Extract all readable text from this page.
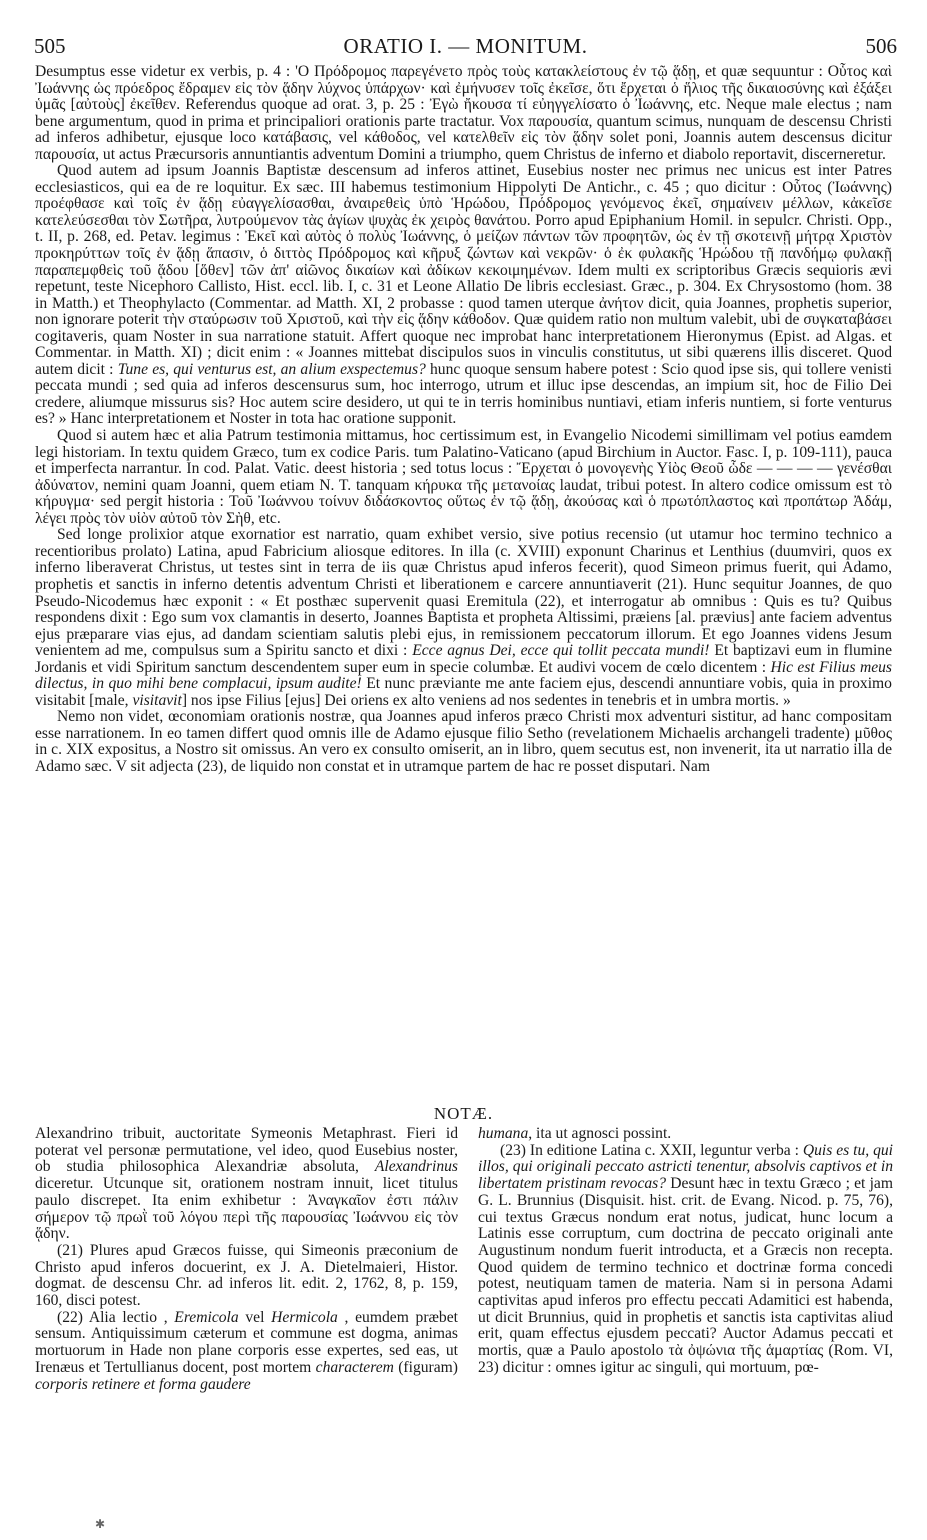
505	ORATIO I. — MONITUM.	506

Desumptus esse videtur ex verbis, p. 4 : 'Ο Πρόδρομος παρεγένετο πρὸς τοὺς κατακλείστους ἐν τῷ ᾅδῃ, et quæ sequuntur : Οὗτος καὶ Ἰωάννης ὡς πρόεδρος ἔδραμεν εἰς τὸν ᾅδην λύχνος ὑπάρχων· καὶ ἐμήνυσεν τοῖς ἐκεῖσε, ὅτι ἔρχεται ὁ ἥλιος τῆς δικαιοσύνης καὶ ἐξάξει ὑμᾶς [αὐτοὺς] ἐκεῖθεν. Referendus quoque ad orat. 3, p. 25 : Ἐγὼ ἤκουσα τί εὐηγγελίσατο ὁ Ἰωάννης, etc. Neque male electus ; nam bene argumentum, quod in prima et principaliori orationis parte tractatur. Vox παρουσία, quantum scimus, nunquam de descensu Christi ad inferos adhibetur, ejusque loco κατάβασις, vel κάθοδος, vel κατελθεῖν εἰς τὸν ᾅδην solet poni, Joannis autem descensus dicitur παρουσία, ut actus Præcursoris annuntiantis adventum Domini a triumpho, quem Christus de inferno et diabolo reportavit, discerneretur.

Quod autem ad ipsum Joannis Baptistæ descensum ad inferos attinet, Eusebius noster nec primus nec unicus est inter Patres ecclesiasticos, qui ea de re loquitur. Ex sæc. III habemus testimonium Hippolyti De Antichr., c. 45 ; quo dicitur : Οὗτος (Ἰωάννης) προέφθασε καὶ τοῖς ἐν ᾅδῃ εὐαγγελίσασθαι, ἀναιρεθεὶς ὑπὸ Ἡρώδου, Πρόδρομος γενόμενος ἐκεῖ, σημαίνειν μέλλων, κἀκεῖσε κατελεύσεσθαι τὸν Σωτῆρα, λυτρούμενον τὰς ἁγίων ψυχὰς ἐκ χειρὸς θανάτου. Porro apud Epiphanium Homil. in sepulcr. Christi. Opp., t. II, p. 268, ed. Petav. legimus : Ἐκεῖ καὶ αὐτὸς ὁ πολὺς Ἰωάννης, ὁ μείζων πάντων τῶν προφητῶν, ὡς ἐν τῇ σκοτεινῇ μήτρᾳ Χριστὸν προκηρύττων τοῖς ἐν ᾅδῃ ἅπασιν, ὁ διττὸς Πρόδρομος καὶ κῆρυξ ζώντων καὶ νεκρῶν· ὁ ἐκ φυλακῆς Ἡρώδου τῇ πανδήμῳ φυλακῇ παραπεμφθεὶς τοῦ ᾅδου [ὅθεν] τῶν ἀπ' αἰῶνος δικαίων καὶ ἀδίκων κεκοιμημένων. Idem multi ex scriptoribus Græcis sequioris ævi repetunt, teste Nicephoro Callisto, Hist. eccl. lib. I, c. 31 et Leone Allatio De libris ecclesiast. Græc., p. 304. Ex Chrysostomo (hom. 38 in Matth.) et Theophylacto (Commentar. ad Matth. XI, 2 probasse : quod tamen uterque ἀνήτον dicit, quia Joannes, prophetis superior, non ignorare poterit τὴν σταύρωσιν τοῦ Χριστοῦ, καὶ τὴν εἰς ᾅδην κάθοδον. Quæ quidem ratio non multum valebit, ubi de συγκαταβάσει cogitaveris, quam Noster in sua narratione statuit. Affert quoque nec improbat hanc interpretationem Hieronymus (Epist. ad Algas. et Commentar. in Matth. XI) ; dicit enim : « Joannes mittebat discipulos suos in vinculis constitutus, ut sibi quærens illis disceret. Quod autem dicit : Tune es, qui venturus est, an alium exspectemus? hunc quoque sensum habere potest : Scio quod ipse sis, qui tollere venisti peccata mundi ; sed quia ad inferos descensurus sum, hoc interrogo, utrum et illuc ipse descendas, an impium sit, hoc de Filio Dei credere, aliumque missurus sis? Hoc autem scire desidero, ut qui te in terris hominibus nuntiavi, etiam inferis nuntiem, si forte venturus es? » Hanc interpretationem et Noster in tota hac oratione supponit.

Quod si autem hæc et alia Patrum testimonia mittamus, hoc certissimum est, in Evangelio Nicodemi simillimam vel potius eamdem legi historiam. In textu quidem Græco, tum ex codice Paris. tum Palatino-Vaticano (apud Birchium in Auctor. Fasc. I, p. 109-111), pauca et imperfecta narrantur. In cod. Palat. Vatic. deest historia ; sed totus locus : Ἔρχεται ὁ μονογενὴς Υἱὸς Θεοῦ ὧδε — — — — γενέσθαι ἀδύνατον, nemini quam Joanni, quem etiam N. T. tanquam κήρυκα τῆς μετανοίας laudat, tribui potest. In altero codice omissum est τὸ κήρυγμα· sed pergit historia : Τοῦ Ἰωάννου τοίνυν διδάσκοντος οὕτως ἐν τῷ ᾅδῃ, ἀκούσας καὶ ὁ πρωτόπλαστος καὶ προπάτωρ Ἀδάμ, λέγει πρὸς τὸν υἱὸν αὐτοῦ τὸν Σὴθ, etc.

Sed longe prolixior atque exornatior est narratio, quam exhibet versio, sive potius recensio (ut utamur hoc termino technico a recentioribus prolato) Latina, apud Fabricium aliosque editores. In illa (c. XVIII) exponunt Charinus et Lenthius (duumviri, quos ex inferno liberaverat Christus, ut testes sint in terra de iis quæ Christus apud inferos fecerit), quod Simeon primus fuerit, qui Adamo, prophetis et sanctis in inferno detentis adventum Christi et liberationem e carcere annuntiaverit (21). Hunc sequitur Joannes, de quo Pseudo-Nicodemus hæc exponit : « Et posthæc supervenit quasi Eremitula (22), et interrogatur ab omnibus : Quis es tu? Quibus respondens dixit : Ego sum vox clamantis in deserto, Joannes Baptista et propheta Altissimi, præiens [al. prævius] ante faciem adventus ejus præparare vias ejus, ad dandam scientiam salutis plebi ejus, in remissionem peccatorum illorum. Et ego Joannes videns Jesum venientem ad me, compulsus sum a Spiritu sancto et dixi : Ecce agnus Dei, ecce qui tollit peccata mundi! Et baptizavi eum in flumine Jordanis et vidi Spiritum sanctum descendentem super eum in specie columbæ. Et audivi vocem de cœlo dicentem : Hic est Filius meus dilectus, in quo mihi bene complacui, ipsum audite! Et nunc præviante me ante faciem ejus, descendi annuntiare vobis, quia in proximo visitabit [male, visitavit] nos ipse Filius [ejus] Dei oriens ex alto veniens ad nos sedentes in tenebris et in umbra mortis. »

Nemo non videt, œconomiam orationis nostræ, qua Joannes apud inferos præco Christi mox adventuri sistitur, ad hanc compositam esse narrationem. In eo tamen differt quod omnis ille de Adamo ejusque filio Setho (revelationem Michaelis archangeli tradente) μῦθος in c. XIX expositus, a Nostro sit omissus. An vero ex consulto omiserit, an in libro, quem secutus est, non invenerit, ita ut narratio illa de Adamo sæc. V sit adjecta (23), de liquido non constat et in utramque partem de hac re posset disputari. Nam

NOTÆ.

Alexandrino tribuit, auctoritate Symeonis Metaphrast. Fieri id poterat vel personæ permutatione, vel ideo, quod Eusebius noster, ob studia philosophica Alexandriæ absoluta, Alexandrinus diceretur. Utcunque sit, orationem nostram innuit, licet titulus paulo discrepet. Ita enim exhibetur : Ἀναγκαῖον ἐστι πάλιν σήμερον τῷ πρωῒ τοῦ λόγου περὶ τῆς παρουσίας Ἰωάννου εἰς τὸν ᾅδην.

(21) Plures apud Græcos fuisse, qui Simeonis præconium de Christo apud inferos docuerint, ex J. A. Dietelmaieri, Histor. dogmat. de descensu Chr. ad inferos lit. edit. 2, 1762, 8, p. 159, 160, disci potest.

(22) Alia lectio , Eremicola vel Hermicola , eumdem præbet sensum. Antiquissimum cæterum et commune est dogma, animas mortuorum in Hade non plane corporis esse expertes, sed eas, ut Irenæus et Tertullianus docent, post mortem characterem (figuram) corporis retinere et forma gaudere

humana, ita ut agnosci possint.

(23) In editione Latina c. XXII, leguntur verba : Quis es tu, qui illos, qui originali peccato astricti tenentur, absolvis captivos et in libertatem pristinam revocas? Desunt hæc in textu Græco ; et jam G. L. Brunnius (Disquisit. hist. crit. de Evang. Nicod. p. 75, 76), cui textus Græcus nondum erat notus, judicat, hunc locum a Latinis esse corruptum, cum doctrina de peccato originali ante Augustinum nondum fuerit introducta, et a Græcis non recepta. Quod quidem de termino technico et doctrinæ forma concedi potest, neutiquam tamen de materia. Nam si in persona Adami captivitas apud inferos pro effectu peccati Adamitici est habenda, ut dicit Brunnius, quid in prophetis et sanctis ista captivitas aliud erit, quam effectus ejusdem peccati? Auctor Adamus peccati et mortis, quæ a Paulo apostolo τὰ ὀψώνια τῆς ἁμαρτίας (Rom. VI, 23) dicitur : omnes igitur ac singuli, qui mortuum, pœ-

✱
